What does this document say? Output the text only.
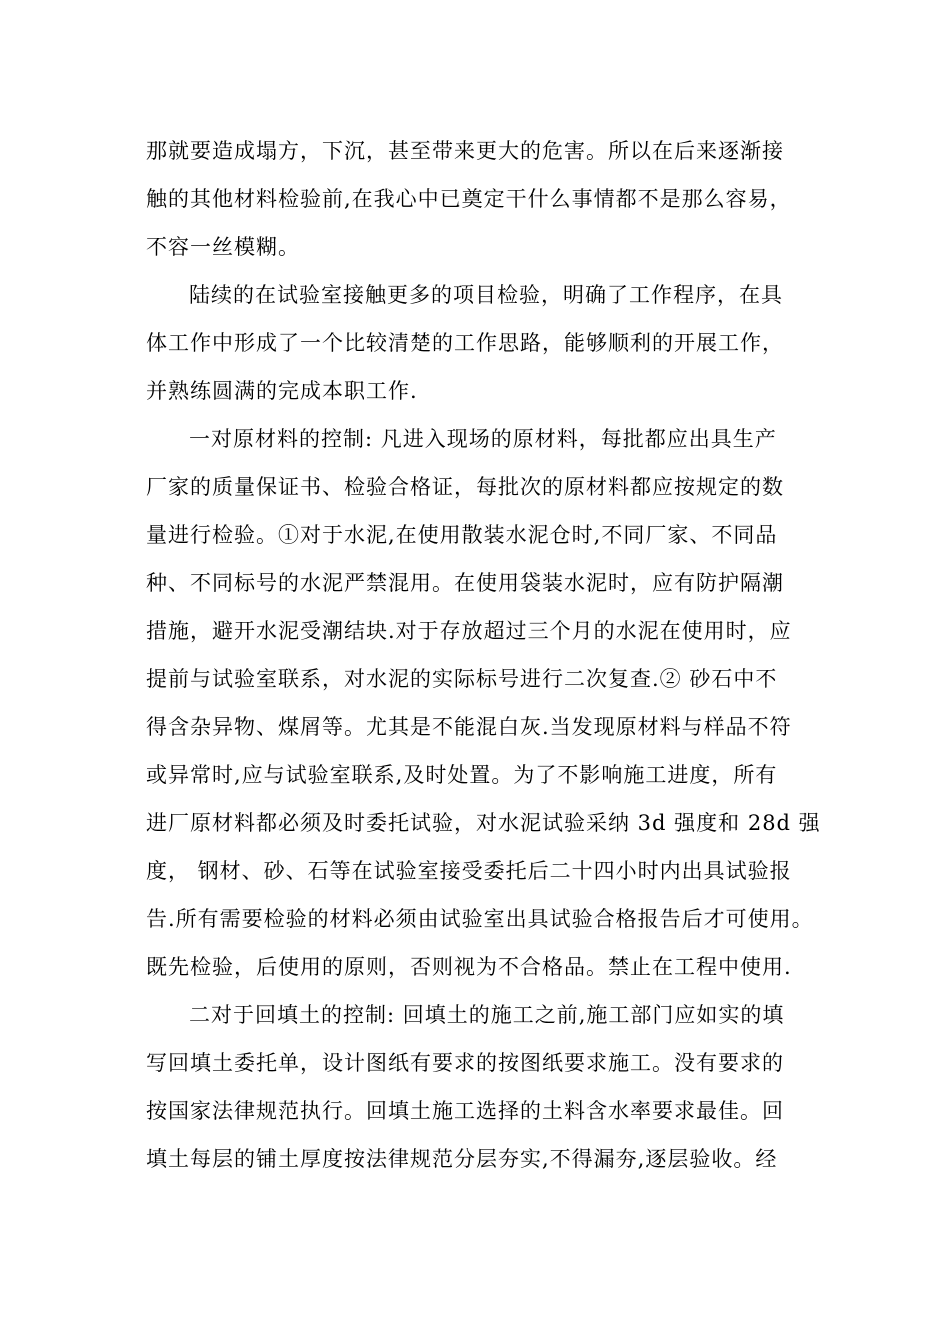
那就要造成塌方，下沉，甚至带来更大的危害。所以在后来逐渐接
触的其他材料检验前,在我心中已奠定干什么事情都不是那么容易，
不容一丝模糊。
陆续的在试验室接触更多的项目检验，明确了工作程序，在具
体工作中形成了一个比较清楚的工作思路，能够顺利的开展工作，
并熟练圆满的完成本职工作.
一对原材料的控制: 凡进入现场的原材料，每批都应出具生产
厂家的质量保证书、检验合格证，每批次的原材料都应按规定的数
量进行检验。①对于水泥,在使用散装水泥仓时,不同厂家、不同品
种、不同标号的水泥严禁混用。在使用袋装水泥时，应有防护隔潮
措施，避开水泥受潮结块.对于存放超过三个月的水泥在使用时，应
提前与试验室联系，对水泥的实际标号进行二次复查.② 砂石中不
得含杂异物、煤屑等。尤其是不能混白灰.当发现原材料与样品不符
或异常时,应与试验室联系,及时处置。为了不影响施工进度，所有
进厂原材料都必须及时委托试验，对水泥试验采纳 3d 强度和 28d 强
度， 钢材、砂、石等在试验室接受委托后二十四小时内出具试验报
告.所有需要检验的材料必须由试验室出具试验合格报告后才可使用。
既先检验，后使用的原则，否则视为不合格品。禁止在工程中使用.
二对于回填土的控制: 回填土的施工之前,施工部门应如实的填
写回填土委托单，设计图纸有要求的按图纸要求施工。没有要求的
按国家法律规范执行。回填土施工选择的土料含水率要求最佳。回
填土每层的铺土厚度按法律规范分层夯实,不得漏夯,逐层验收。经
